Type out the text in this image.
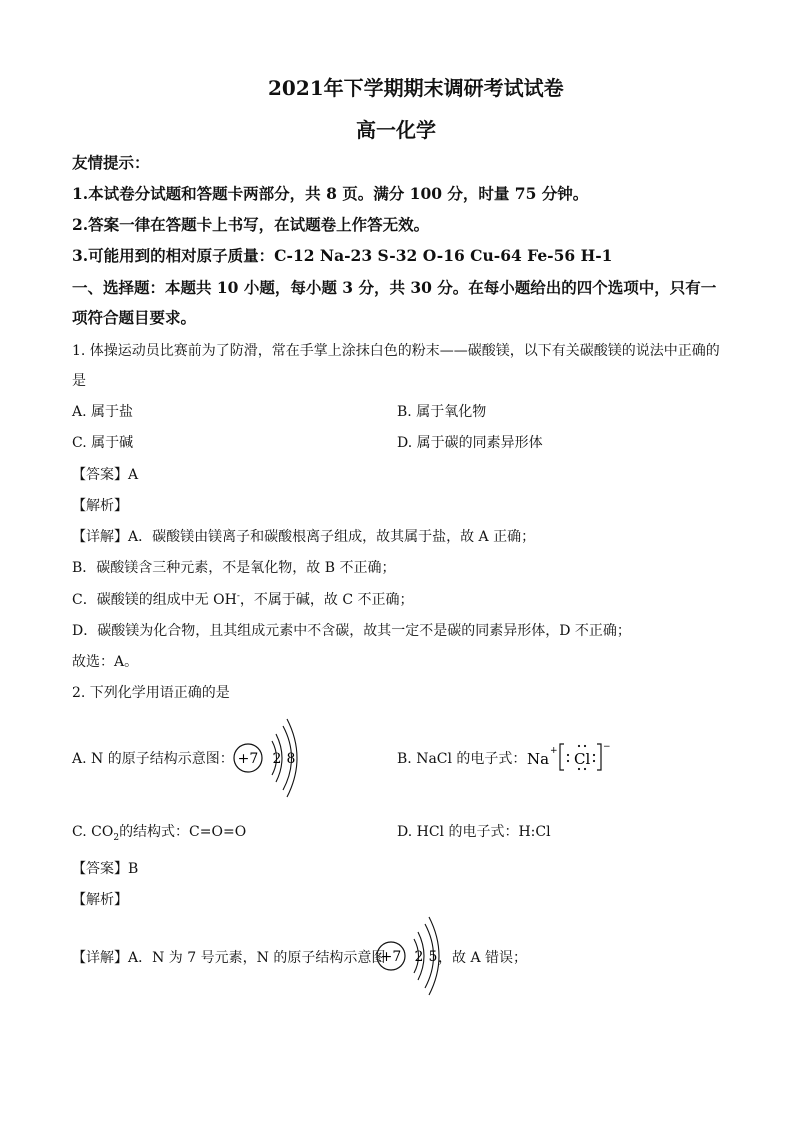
2021年下学期期末调研考试试卷
高一化学
友情提示：
1.本试卷分试题和答题卡两部分，共 8 页。满分 100 分，时量 75 分钟。
2.答案一律在答题卡上书写，在试题卷上作答无效。
3.可能用到的相对原子质量：C-12 Na-23 S-32 O-16 Cu-64 Fe-56 H-1
一、选择题：本题共 10 小题，每小题 3 分，共 30 分。在每小题给出的四个选项中，只有一
项符合题目要求。
1. 体操运动员比赛前为了防滑，常在手掌上涂抹白色的粉末——碳酸镁，以下有关碳酸镁的说法中正确的
是
A. 属于盐	B. 属于氧化物
C. 属于碱	D. 属于碳的同素异形体
【答案】A
【解析】
【详解】A．碳酸镁由镁离子和碳酸根离子组成，故其属于盐，故 A 正确；
B．碳酸镁含三种元素，不是氧化物，故 B 不正确；
C．碳酸镁的组成中无 OH-，不属于碱，故 C 不正确；
D．碳酸镁为化合物，且其组成元素中不含碳，故其一定不是碳的同素异形体，D 不正确；
故选：A。
2. 下列化学用语正确的是
A. N 的原子结构示意图： +7 2 8	B. NaCl 的电子式： Na + Cl
−
C. $CO_2$的结构式：C=O=O	D. HCl 的电子式：H:Cl
【答案】B
【解析】
【详解】A．N 为 7 号元素，N 的原子结构示意图
+7 2 5 ，故 A 错误；
